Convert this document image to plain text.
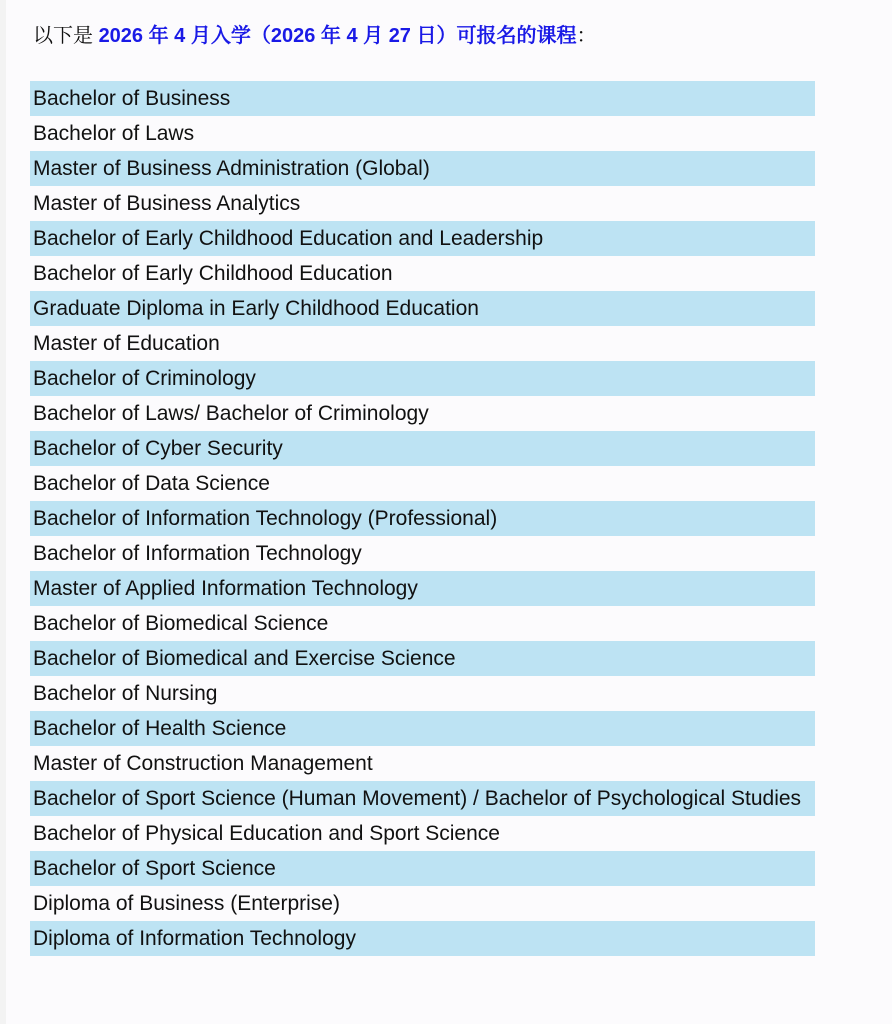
以下是 2026 年 4 月入学（2026 年 4 月 27 日）可报名的课程：

Bachelor of Business
Bachelor of Laws
Master of Business Administration (Global)
Master of Business Analytics
Bachelor of Early Childhood Education and Leadership
Bachelor of Early Childhood Education
Graduate Diploma in Early Childhood Education
Master of Education
Bachelor of Criminology
Bachelor of Laws/ Bachelor of Criminology
Bachelor of Cyber Security
Bachelor of Data Science
Bachelor of Information Technology (Professional)
Bachelor of Information Technology
Master of Applied Information Technology
Bachelor of Biomedical Science
Bachelor of Biomedical and Exercise Science
Bachelor of Nursing
Bachelor of Health Science
Master of Construction Management
Bachelor of Sport Science (Human Movement) / Bachelor of Psychological Studies
Bachelor of Physical Education and Sport Science
Bachelor of Sport Science
Diploma of Business (Enterprise)
Diploma of Information Technology
